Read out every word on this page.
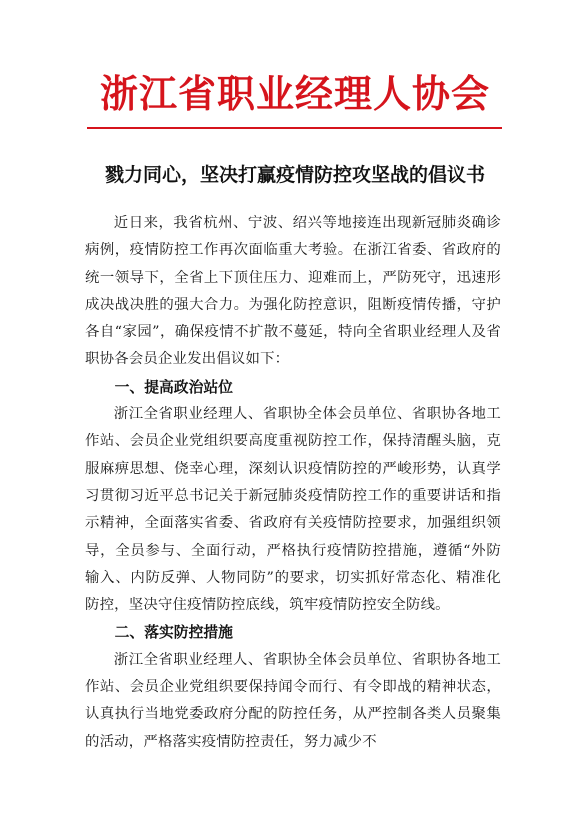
浙江省职业经理人协会
戮力同心，坚决打赢疫情防控攻坚战的倡议书

近日来，我省杭州、宁波、绍兴等地接连出现新冠肺炎确诊病例，疫情防控工作再次面临重大考验。在浙江省委、省政府的统一领导下，全省上下顶住压力、迎难而上，严防死守，迅速形成决战决胜的强大合力。为强化防控意识，阻断疫情传播，守护各自“家园”，确保疫情不扩散不蔓延，特向全省职业经理人及省职协各会员企业发出倡议如下：

一、提高政治站位

浙江全省职业经理人、省职协全体会员单位、省职协各地工作站、会员企业党组织要高度重视防控工作，保持清醒头脑，克服麻痹思想、侥幸心理，深刻认识疫情防控的严峻形势，认真学习贯彻习近平总书记关于新冠肺炎疫情防控工作的重要讲话和指示精神，全面落实省委、省政府有关疫情防控要求，加强组织领导，全员参与、全面行动，严格执行疫情防控措施，遵循“外防输入、内防反弹、人物同防”的要求，切实抓好常态化、精准化防控，坚决守住疫情防控底线，筑牢疫情防控安全防线。

二、落实防控措施

浙江全省职业经理人、省职协全体会员单位、省职协各地工作站、会员企业党组织要保持闻令而行、有令即战的精神状态，认真执行当地党委政府分配的防控任务，从严控制各类人员聚集的活动，严格落实疫情防控责任，努力减少不
